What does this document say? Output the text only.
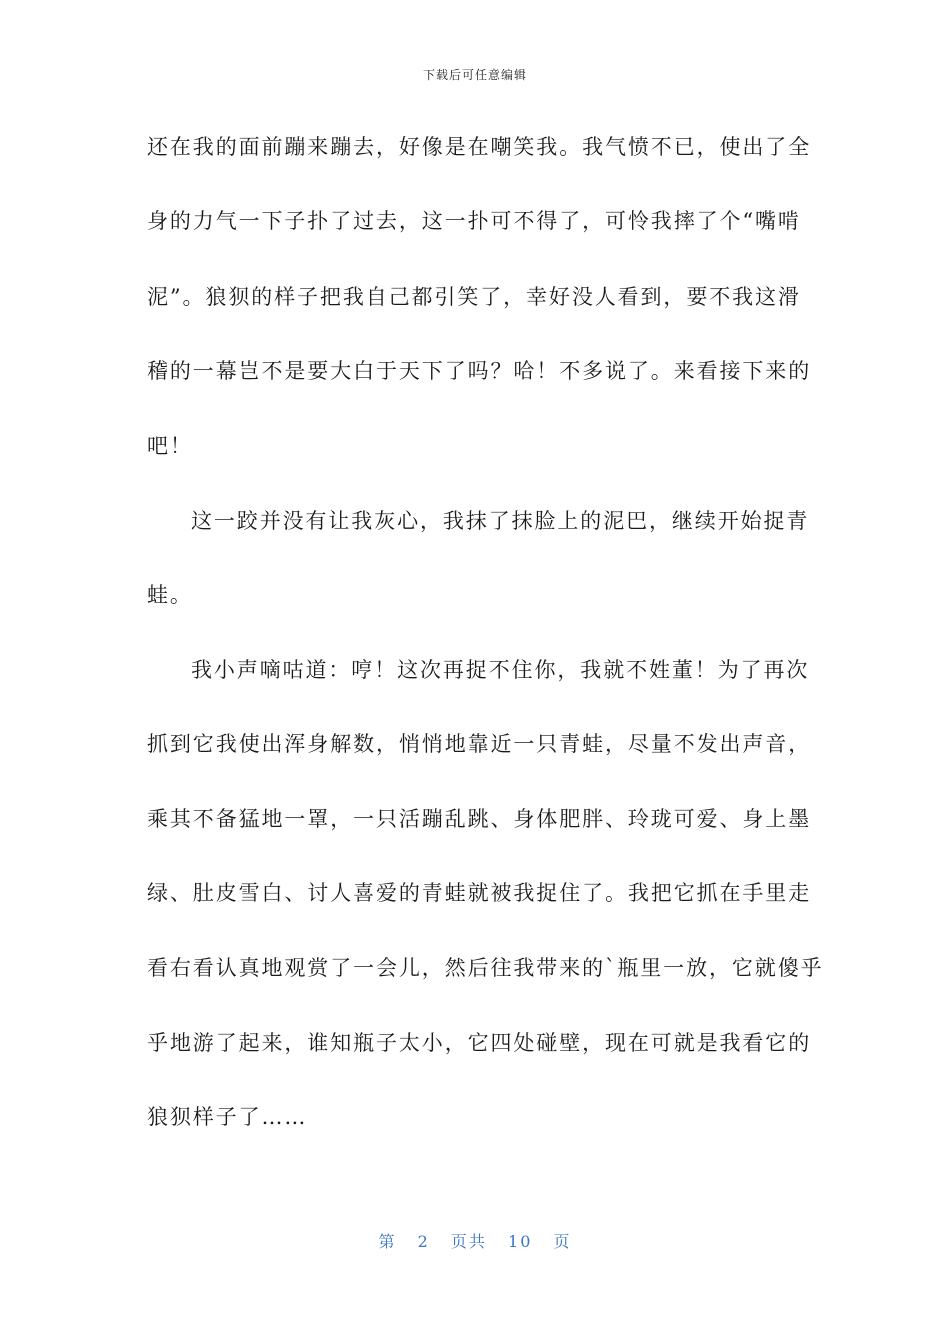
下载后可任意编辑
还在我的面前蹦来蹦去，好像是在嘲笑我。我气愤不已，使出了全
身的力气一下子扑了过去，这一扑可不得了，可怜我摔了个“嘴啃
泥”。狼狈的样子把我自己都引笑了，幸好没人看到，要不我这滑
稽的一幕岂不是要大白于天下了吗？哈！不多说了。来看接下来的
吧！
这一跤并没有让我灰心，我抹了抹脸上的泥巴，继续开始捉青
蛙。
我小声嘀咕道：哼！这次再捉不住你，我就不姓董！为了再次
抓到它我使出浑身解数，悄悄地靠近一只青蛙，尽量不发出声音，
乘其不备猛地一罩，一只活蹦乱跳、身体肥胖、玲珑可爱、身上墨
绿、肚皮雪白、讨人喜爱的青蛙就被我捉住了。我把它抓在手里走
看右看认真地观赏了一会儿，然后往我带来的`瓶里一放，它就傻乎
乎地游了起来，谁知瓶子太小，它四处碰壁，现在可就是我看它的
狼狈样子了……
第 2 页共 10 页
